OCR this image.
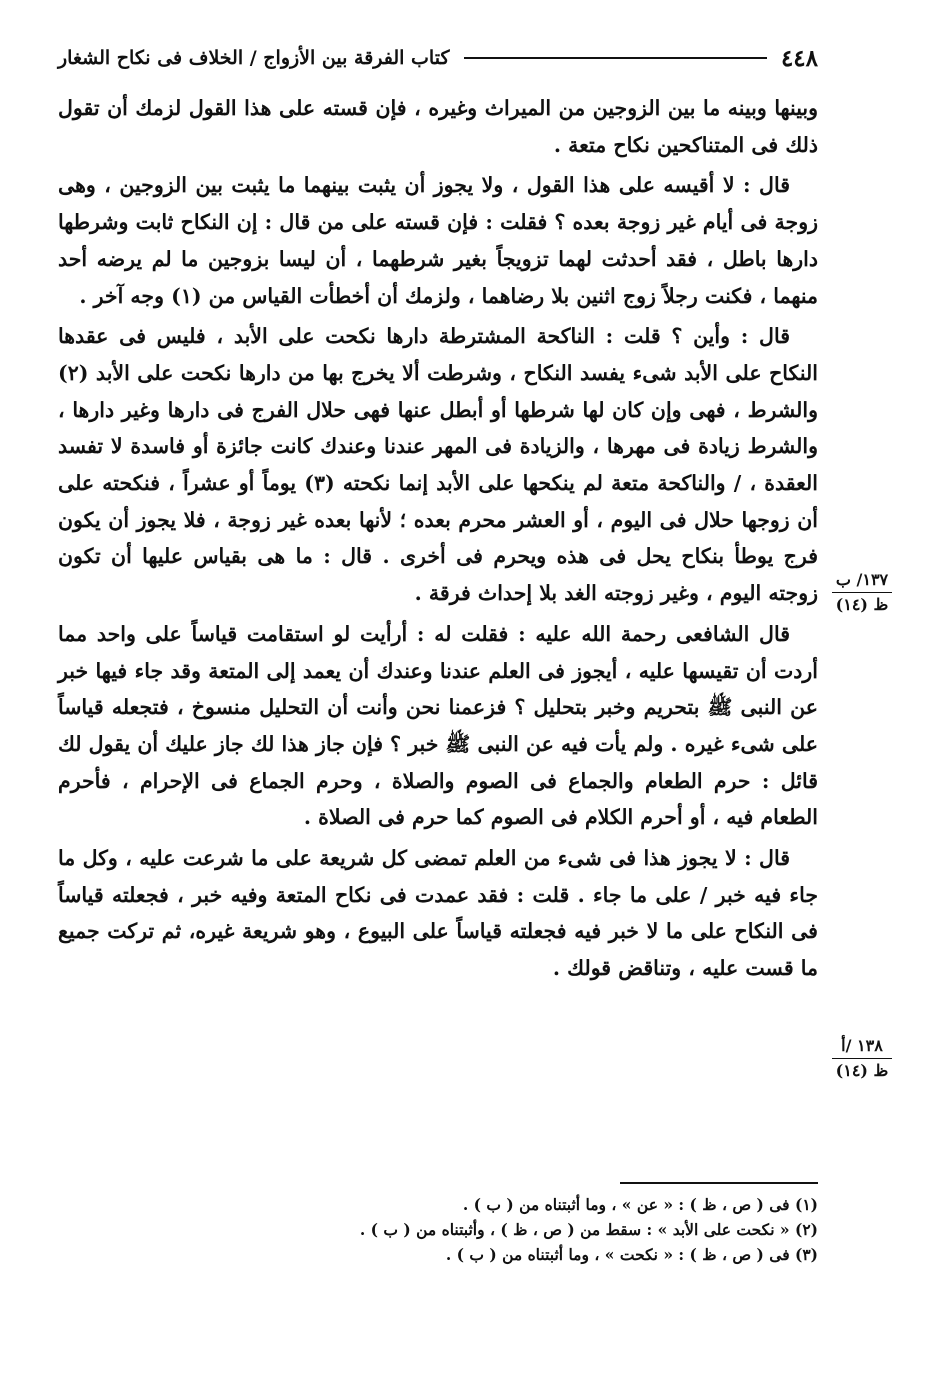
٤٤٨
كتاب الفرقة بين الأزواج / الخلاف فى نكاح الشغار

وبينها وبينه ما بين الزوجين من الميراث وغيره ، فإن قسته على هذا القول لزمك أن تقول ذلك فى المتناكحين نكاح متعة .

قال : لا أقيسه على هذا القول ، ولا يجوز أن يثبت بينهما ما يثبت بين الزوجين ، وهى زوجة فى أيام غير زوجة بعده ؟ فقلت : فإن قسته على من قال : إن النكاح ثابت وشرطها دارها باطل ، فقد أحدثت لهما تزويجاً بغير شرطهما ، أن ليسا بزوجين ما لم يرضه أحد منهما ، فكنت رجلاً زوج اثنين بلا رضاهما ، ولزمك أن أخطأت القياس من (١) وجه آخر .

قال : وأين ؟ قلت : الناكحة المشترطة دارها نكحت على الأبد ، فليس فى عقدها النكاح على الأبد شىء يفسد النكاح ، وشرطت ألا يخرج بها من دارها نكحت على الأبد (٢) والشرط ، فهى وإن كان لها شرطها أو أبطل عنها فهى حلال الفرج فى دارها وغير دارها ، والشرط زيادة فى مهرها ، والزيادة فى المهر عندنا وعندك كانت جائزة أو فاسدة لا تفسد العقدة ، / والناكحة متعة لم ينكحها على الأبد إنما نكحته (٣) يوماً أو عشراً ، فنكحته على أن زوجها حلال فى اليوم ، أو العشر محرم بعده ؛ لأنها بعده غير زوجة ، فلا يجوز أن يكون فرج يوطأ بنكاح يحل فى هذه ويحرم فى أخرى . قال : ما هى بقياس عليها أن تكون زوجته اليوم ، وغير زوجته الغد بلا إحداث فرقة .

قال الشافعى رحمة الله عليه : فقلت له : أرأيت لو استقامت قياساً على واحد مما أردت أن تقيسها عليه ، أيجوز فى العلم عندنا وعندك أن يعمد إلى المتعة وقد جاء فيها خبر عن النبى ﷺ بتحريم وخبر بتحليل ؟ فزعمنا نحن وأنت أن التحليل منسوخ ، فتجعله قياساً على شىء غيره . ولم يأت فيه عن النبى ﷺ خبر ؟ فإن جاز هذا لك جاز عليك أن يقول لك قائل : حرم الطعام والجماع فى الصوم والصلاة ، وحرم الجماع فى الإحرام ، فأحرم الطعام فيه ، أو أحرم الكلام فى الصوم كما حرم فى الصلاة .

قال : لا يجوز هذا فى شىء من العلم تمضى كل شريعة على ما شرعت عليه ، وكل ما جاء فيه خبر / على ما جاء . قلت : فقد عمدت فى نكاح المتعة وفيه خبر ، فجعلته قياساً فى النكاح على ما لا خبر فيه فجعلته قياساً على البيوع ، وهو شريعة غيره، ثم تركت جميع ما قست عليه ، وتناقض قولك .

١٣٧/ ب
ظ (١٤)
١٣٨ /أ
ظ (١٤)
(١) فى ( ص ، ظ ) : « عن » ، وما أثبتناه من ( ب ) .
(٢) « نكحت على الأبد » : سقط من ( ص ، ظ ) ، وأثبتناه من ( ب ) .
(٣) فى ( ص ، ظ ) : « نكحت » ، وما أثبتناه من ( ب ) .
